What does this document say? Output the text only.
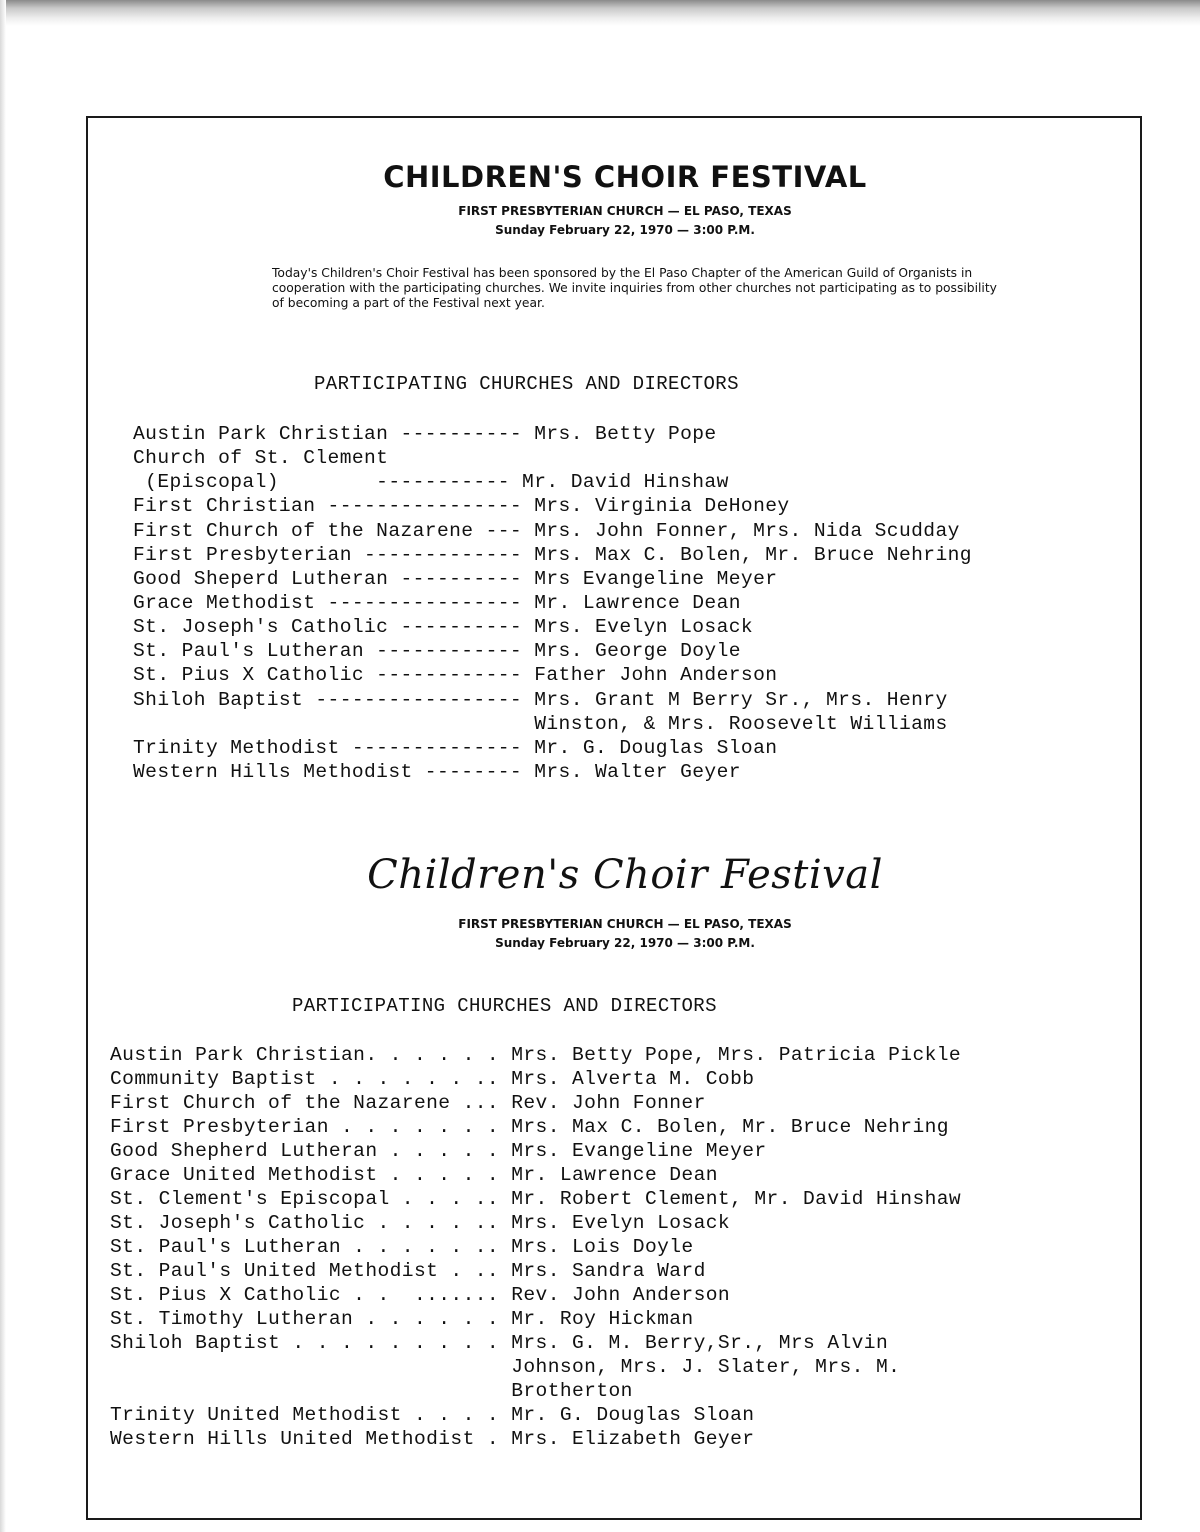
CHILDREN'S CHOIR FESTIVAL
FIRST PRESBYTERIAN CHURCH — EL PASO, TEXAS
Sunday February 22, 1970 — 3:00 P.M.
Today's Children's Choir Festival has been sponsored by the El Paso Chapter of the American Guild of Organists in cooperation with the participating churches. We invite inquiries from other churches not participating as to possibility of becoming a part of the Festival next year.
PARTICIPATING CHURCHES AND DIRECTORS
Austin Park Christian ---------- Mrs. Betty Pope
Church of St. Clement
(Episcopal)        ----------- Mr. David Hinshaw
First Christian ---------------- Mrs. Virginia DeHoney
First Church of the Nazarene --- Mrs. John Fonner, Mrs. Nida Scudday
First Presbyterian ------------- Mrs. Max C. Bolen, Mr. Bruce Nehring
Good Sheperd Lutheran ---------- Mrs Evangeline Meyer
Grace Methodist ---------------- Mr. Lawrence Dean
St. Joseph's Catholic ---------- Mrs. Evelyn Losack
St. Paul's Lutheran ------------ Mrs. George Doyle
St. Pius X Catholic ------------ Father John Anderson
Shiloh Baptist ----------------- Mrs. Grant M Berry Sr., Mrs. Henry
Winston, & Mrs. Roosevelt Williams
Trinity Methodist -------------- Mr. G. Douglas Sloan
Western Hills Methodist -------- Mrs. Walter Geyer
Children's Choir Festival
FIRST PRESBYTERIAN CHURCH — EL PASO, TEXAS
Sunday February 22, 1970 — 3:00 P.M.
PARTICIPATING CHURCHES AND DIRECTORS
Austin Park Christian. . . . . . Mrs. Betty Pope, Mrs. Patricia Pickle
Community Baptist . . . . . . .. Mrs. Alverta M. Cobb
First Church of the Nazarene ... Rev. John Fonner
First Presbyterian . . . . . . . Mrs. Max C. Bolen, Mr. Bruce Nehring
Good Shepherd Lutheran . . . . . Mrs. Evangeline Meyer
Grace United Methodist . . . . . Mr. Lawrence Dean
St. Clement's Episcopal . . . .. Mr. Robert Clement, Mr. David Hinshaw
St. Joseph's Catholic . . . . .. Mrs. Evelyn Losack
St. Paul's Lutheran . . . . . .. Mrs. Lois Doyle
St. Paul's United Methodist . .. Mrs. Sandra Ward
St. Pius X Catholic . .  ....... Rev. John Anderson
St. Timothy Lutheran . . . . . . Mr. Roy Hickman
Shiloh Baptist . . . . . . . . . Mrs. G. M. Berry,Sr., Mrs Alvin
Johnson, Mrs. J. Slater, Mrs. M.
Brotherton
Trinity United Methodist . . . . Mr. G. Douglas Sloan
Western Hills United Methodist . Mrs. Elizabeth Geyer
